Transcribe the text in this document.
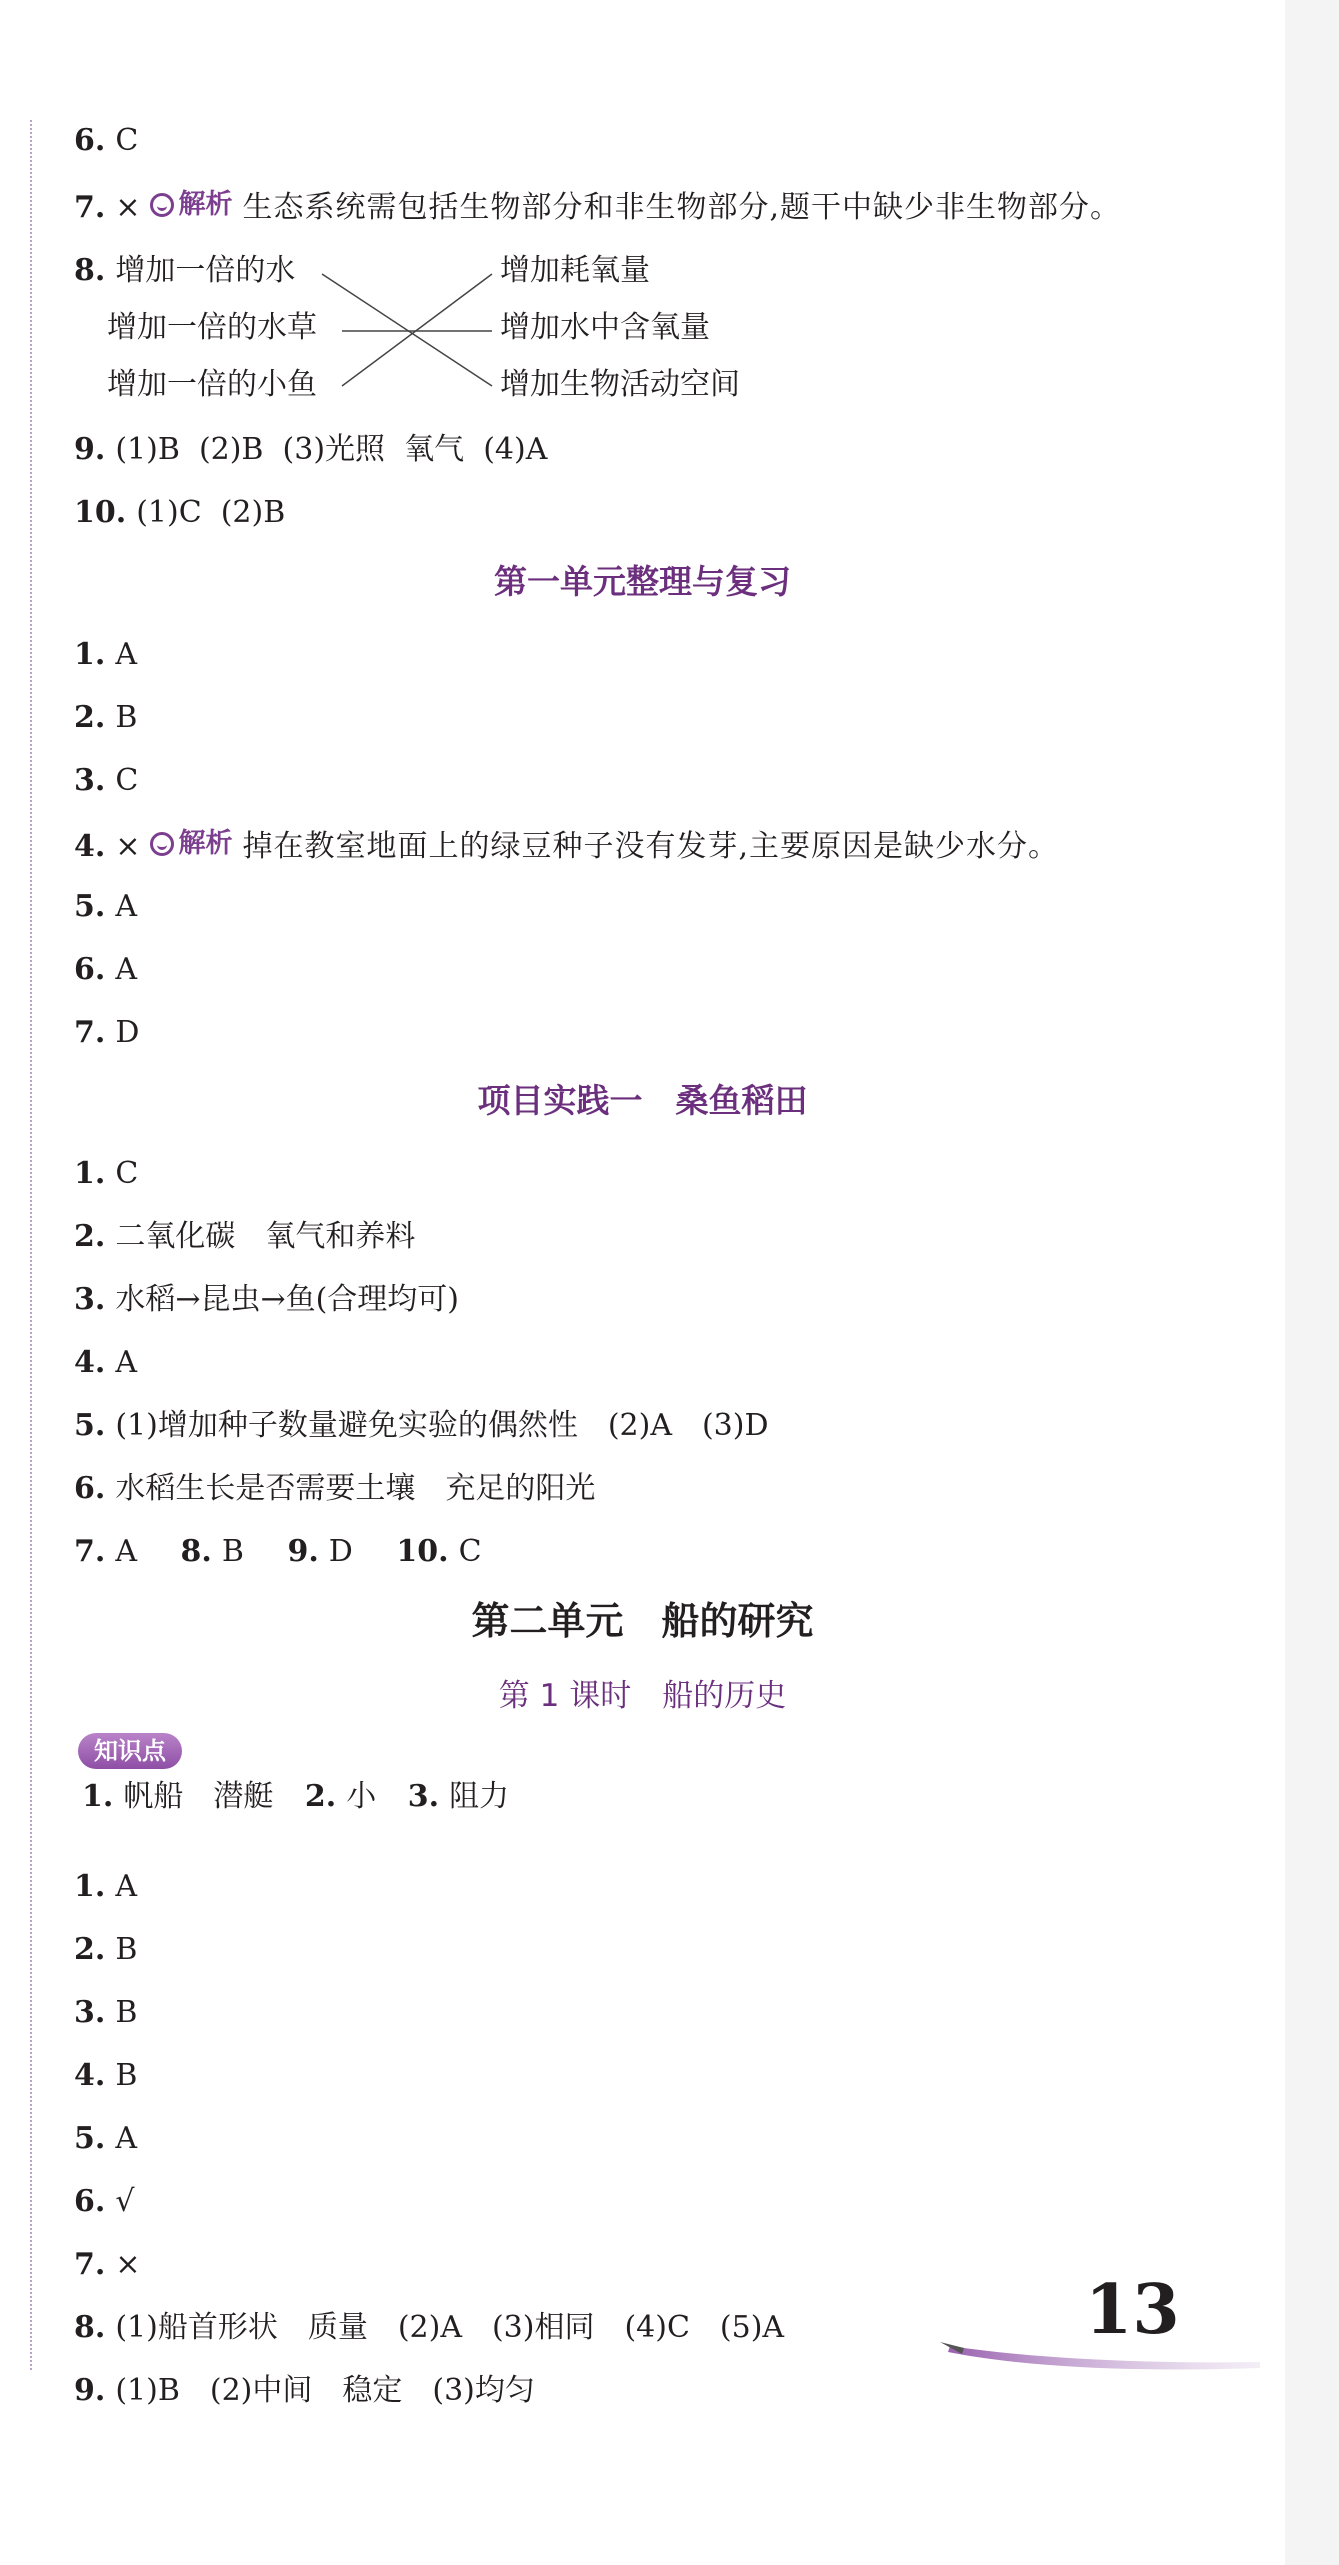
6. C
7. × 解析 生态系统需包括生物部分和非生物部分,题干中缺少非生物部分。
8. 增加一倍的水
增加一倍的水草
增加一倍的小鱼
增加耗氧量
增加水中含氧量
增加生物活动空间
9. (1)B  (2)B  (3)光照  氧气  (4)A
10. (1)C  (2)B
第一单元整理与复习
1. A
2. B
3. C
4. × 解析 掉在教室地面上的绿豆种子没有发芽,主要原因是缺少水分。
5. A
6. A
7. D
项目实践一　桑鱼稻田
1. C
2. 二氧化碳　氧气和养料
3. 水稻→昆虫→鱼(合理均可)
4. A
5. (1)增加种子数量避免实验的偶然性　(2)A　(3)D
6. 水稻生长是否需要土壤　充足的阳光
7. A 8. B 9. D 10. C
第二单元　船的研究
第 1 课时　船的历史
知识点
1. 帆船　潜艇 2. 小 3. 阻力
1. A
2. B
3. B
4. B
5. A
6. √
7. ×
8. (1)船首形状　质量　(2)A　(3)相同　(4)C　(5)A
9. (1)B　(2)中间　稳定　(3)均匀
13
